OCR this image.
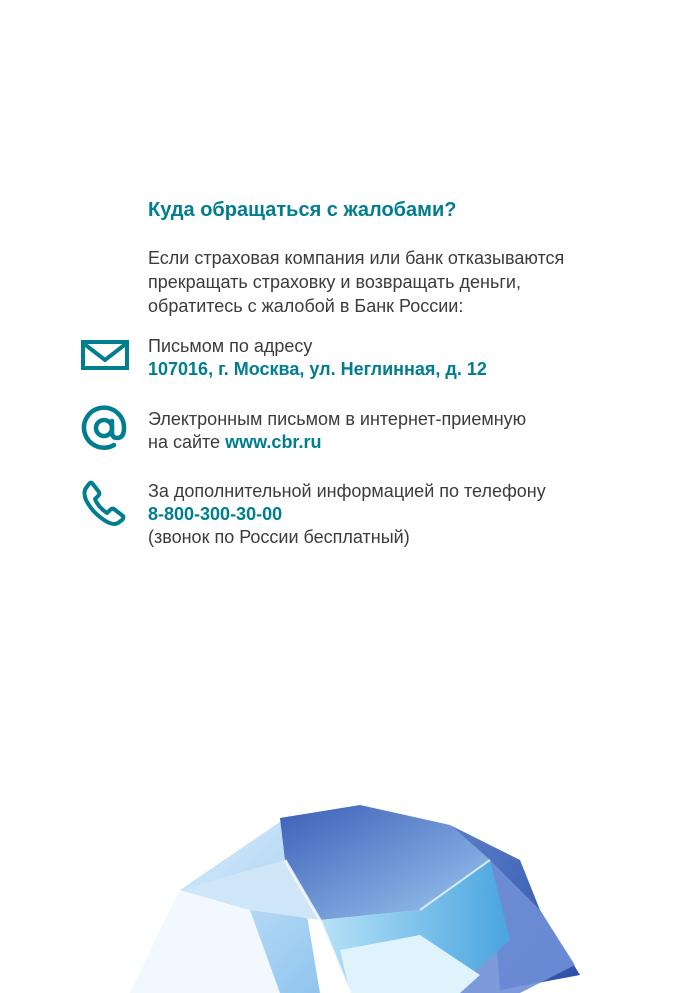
Куда обращаться с жалобами?

Если страховая компания или банк отказываются
прекращать страховку и возвращать деньги,
обратитесь с жалобой в Банк России:

Письмом по адресу
107016, г. Москва, ул. Неглинная, д. 12
Электронным письмом в интернет-приемную
на сайте www.cbr.ru
За дополнительной информацией по телефону
8-800-300-30-00
(звонок по России бесплатный)
